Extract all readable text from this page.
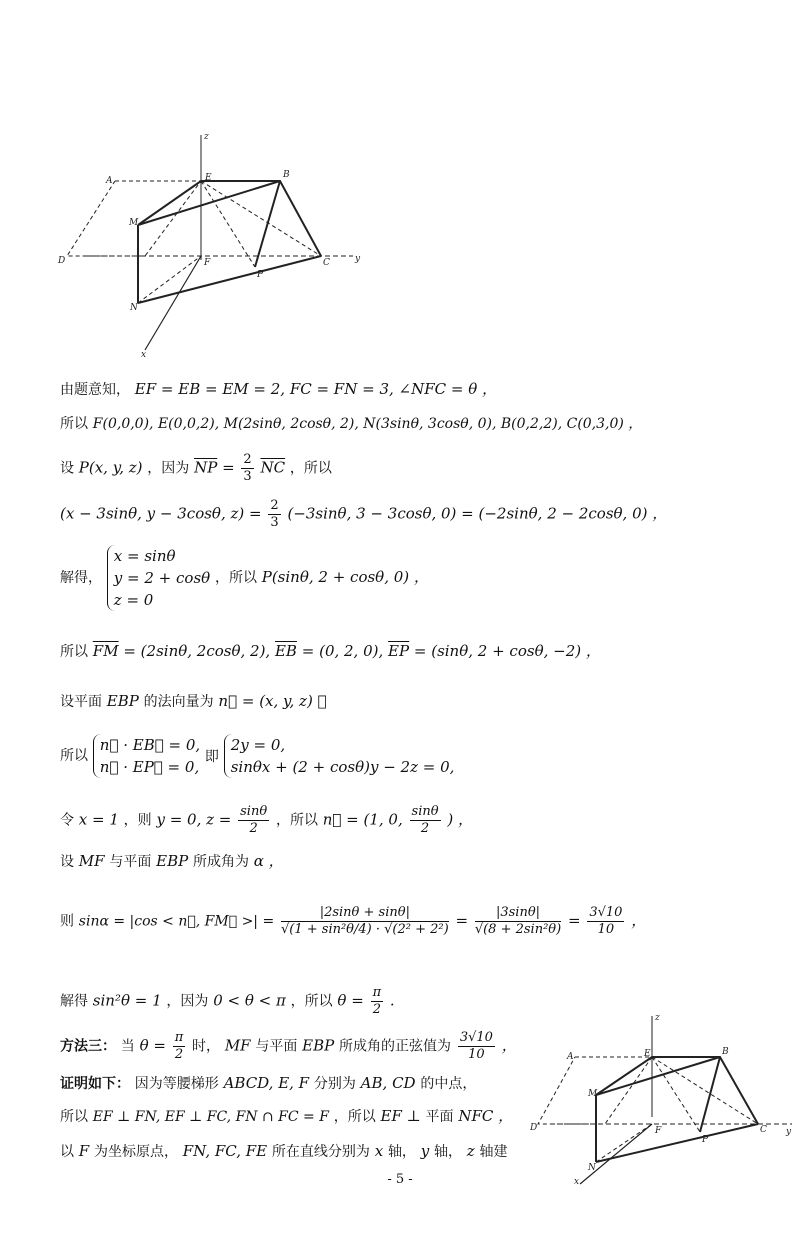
z
A
B
M
D
E
F
P
C	y
N
x
由题意知， EF = EB = EM = 2, FC = FN = 3, ∠NFC = θ ，
所以 F(0,0,0), E(0,0,2), M(2sinθ, 2cosθ, 2), N(3sinθ, 3cosθ, 0), B(0,2,2), C(0,3,0) ，
设 P(x, y, z) ，因为 $\overline{NP} = \frac{2}{3} \overline{NC}$ ，所以
(x − 3sinθ, y − 3cosθ, $z) = \frac{2}{3} (-3\sin\theta$, 3 − 3cosθ, 0) = (−2sinθ, 2 − 2cosθ, 0) ，
解得，
x = sinθ
y = 2 + cosθ
z = 0
，所以 P(sinθ, 2 + cosθ, 0) ，
所以 $\overline{FM} = (2\sin\theta$, 2cosθ, 2), $\overline{EB} = (0$, 2, 0), $\overline{EP} = (\sin\theta$, 2 + cosθ, −2) ，
设平面 EBP 的法向量为 n⃗ = (x, y, z) ，
所以
n⃗ · EB⃗ = 0,
n⃗ · EP⃗ = 0,
即
2y = 0,
sinθx + (2 + cosθ)y − 2z = 0,
令 x = 1 ，则 y = 0, $z = \frac{\sin\theta}{2}$ ，所以 n⃗ = (1, 0, $\frac{\sin\theta}{2}$ ) ，
设 MF 与平面 EBP 所成角为 α ，
则 sinα = |cos < n⃗, FM⃗ >| = $\frac{|2\sin\theta + \sin\theta|}{\text{√(1 + sin²θ/4) · √(2² + 2²)}} = \frac{|3\sin\theta|}{\text{√(8 + 2sin²θ)}} = \frac{3√10}{10}$ ，
解得 sin²θ = 1 ，因为 0 < θ < π ，所以 $\theta = \frac{\pi}{2}$ .
方法三： 当 $\theta = \frac{\pi}{2}$ 时， MF 与平面 EBP 所成角的正弦值为 $\frac{3√10}{10}$ ，
证明如下： 因为等腰梯形 ABCD, E, F 分别为 AB, CD 的中点，
所以 EF ⊥ FN, EF ⊥ FC, FN ∩ FC = F ，所以 EF ⊥ 平面 NFC ，
以 F 为坐标原点， FN, FC, FE 所在直线分别为 x 轴， y 轴， z 轴建
z
A	B
M
D
E
F
P
C y
N
x
- 5 -
